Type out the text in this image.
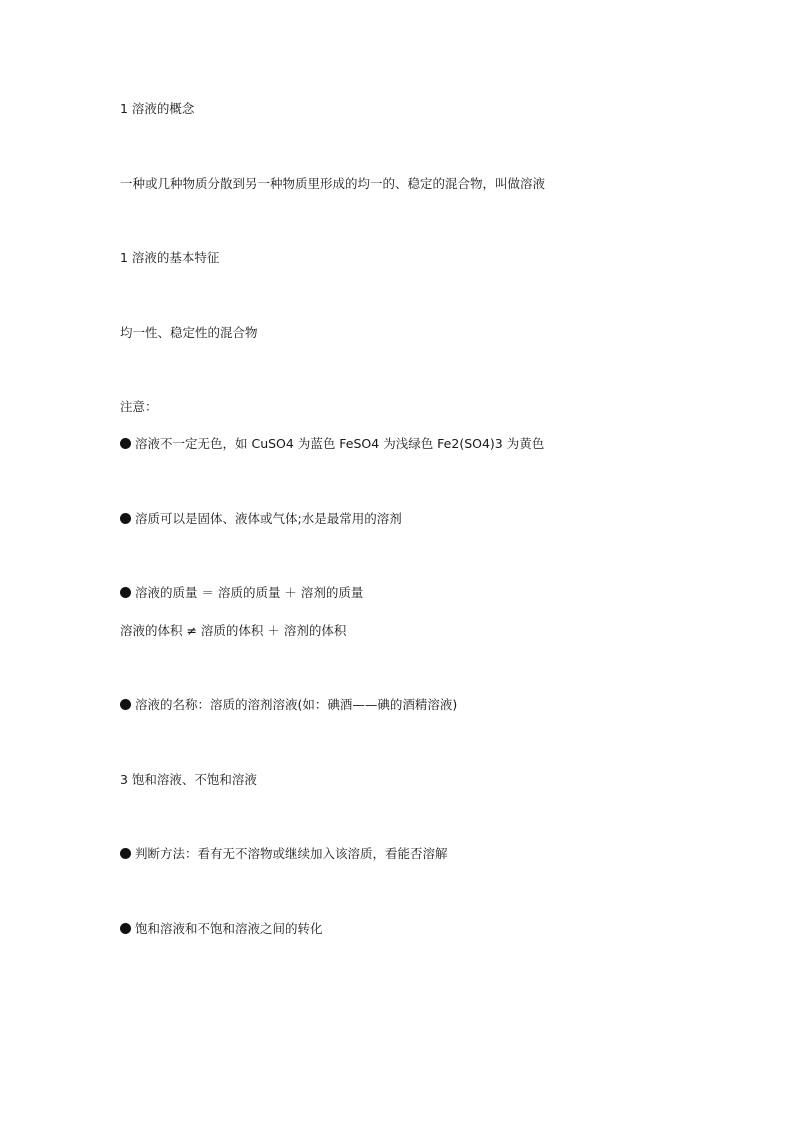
1 溶液的概念
一种或几种物质分散到另一种物质里形成的均一的、稳定的混合物，叫做溶液
1 溶液的基本特征
均一性、稳定性的混合物
注意：
溶液不一定无色，如 CuSO4 为蓝色 FeSO4 为浅绿色 Fe2(SO4)3 为黄色
溶质可以是固体、液体或气体;水是最常用的溶剂
溶液的质量 ＝ 溶质的质量 ＋ 溶剂的质量
溶液的体积 ≠ 溶质的体积 ＋ 溶剂的体积
溶液的名称：溶质的溶剂溶液(如：碘酒——碘的酒精溶液)
3 饱和溶液、不饱和溶液
判断方法：看有无不溶物或继续加入该溶质，看能否溶解
饱和溶液和不饱和溶液之间的转化
